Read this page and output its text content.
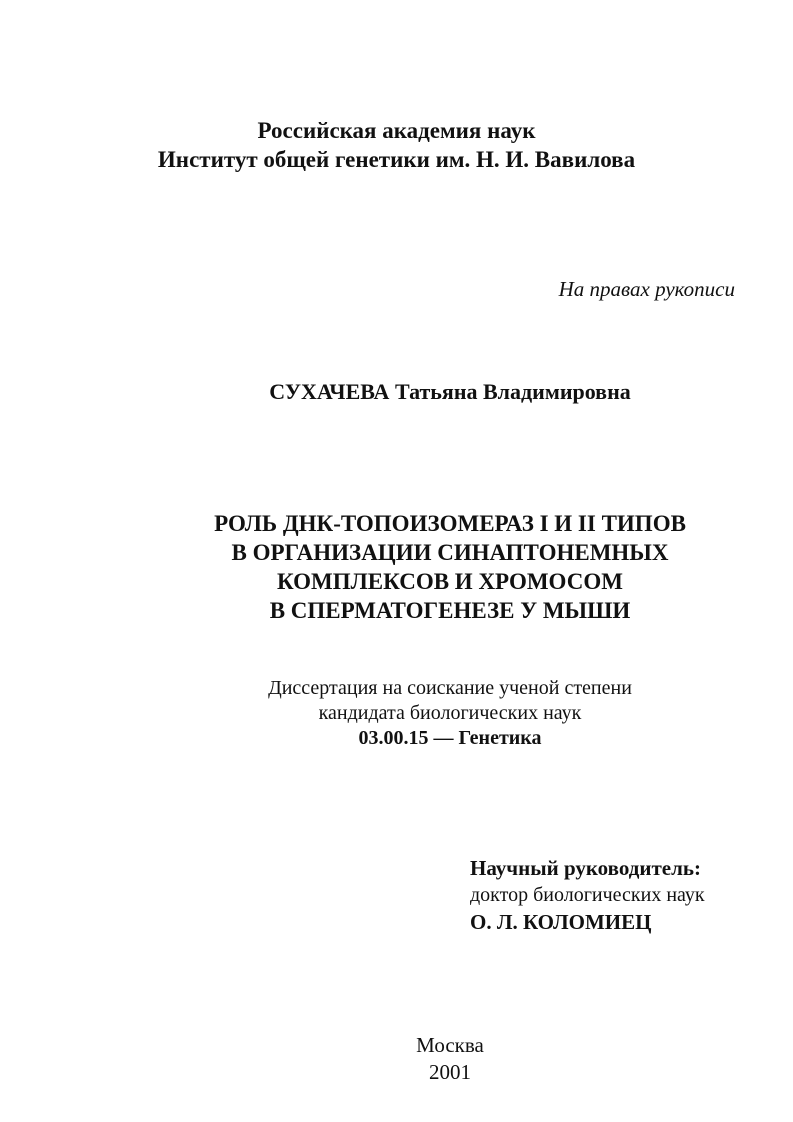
Российская академия наук
Институт общей генетики им. Н. И. Вавилова
На правах рукописи
СУХАЧЕВА Татьяна Владимировна
РОЛЬ ДНК-ТОПОИЗОМЕРАЗ I И II ТИПОВ
В ОРГАНИЗАЦИИ СИНАПТОНЕМНЫХ
КОМПЛЕКСОВ И ХРОМОСОМ
В СПЕРМАТОГЕНЕЗЕ У МЫШИ
Диссертация на соискание ученой степени
кандидата биологических наук
03.00.15 — Генетика
Научный руководитель:
доктор биологических наук
О. Л. КОЛОМИЕЦ
Москва
2001
